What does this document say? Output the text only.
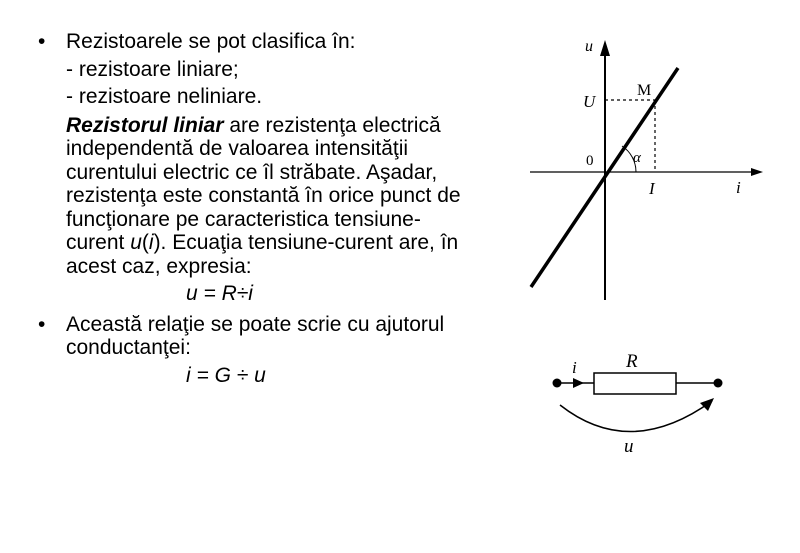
• Rezistoarele se pot clasifica în:
- rezistoare liniare;
- rezistoare neliniare.
Rezistorul liniar are rezistenţa electrică independentă de valoarea intensităţii curentului electric ce îl străbate. Aşadar, rezistenţa este constantă în orice punct de funcţionare pe caracteristica tensiune-curent u(i). Ecuaţia tensiune-curent are, în acest caz, expresia:
u = R÷i
• Această relaţie se poate scrie cu ajutorul conductanţei:
i = G ÷ u
u
i
0
U
I
M
α
i	R
u
